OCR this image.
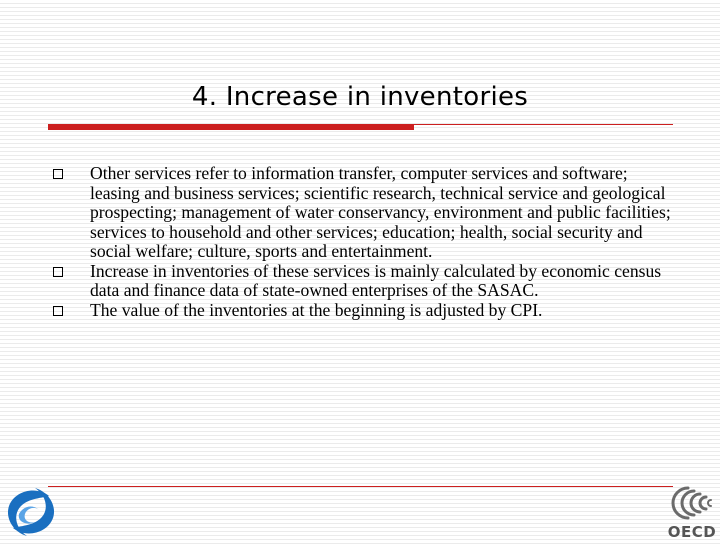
4. Increase in inventories
Other services refer to information transfer, computer services and software; leasing and business services; scientific research, technical service and geological prospecting; management of water conservancy, environment and public facilities; services to household and other services; education; health, social security and social welfare; culture, sports and entertainment.
Increase in inventories of these services is mainly calculated by economic census data and finance data of state-owned enterprises of the SASAC.
The value of the inventories at the beginning is adjusted by CPI.
OECD
